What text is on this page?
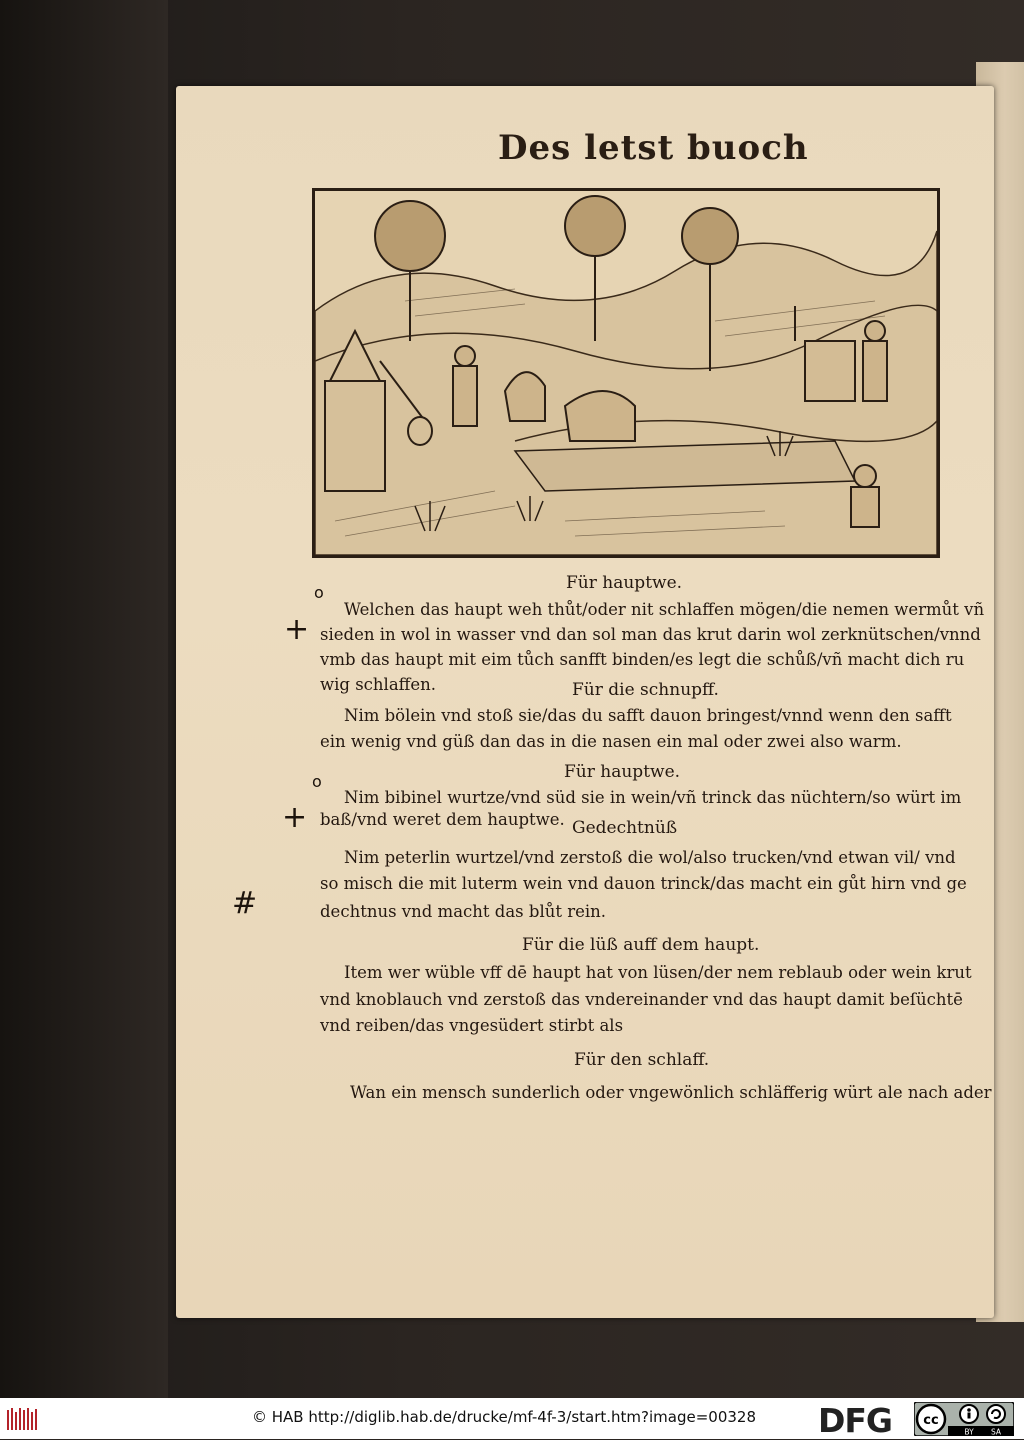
Des letst buoch
o
+
o
+
#
Für hauptwe.
Welchen das haupt weh thůt/oder nit schlaffen mögen/die nemen wermůt vñ
sieden in wol in wasser vnd dan sol man das krut darin wol zerknütschen/vnnd
vmb das haupt mit eim tůch sanfft binden/es legt die schůß/vñ macht dich ru
wig schlaffen.	Für die schnupff.
Nim bölein vnd stoß sie/das du safft dauon bringest/vnnd wenn den safft
ein wenig vnd güß dan das in die nasen ein mal oder zwei also warm.
Für hauptwe.
Nim bibinel wurtze/vnd süd sie in wein/vñ trinck das nüchtern/so würt im
baß/vnd weret dem hauptwe. Gedechtnüß
Nim peterlin wurtzel/vnd zerstoß die wol/also trucken/vnd etwan vil/ vnd
so misch die mit luterm wein vnd dauon trinck/das macht ein gůt hirn vnd ge
dechtnus vnd macht das blůt rein.
Für die lüß auff dem haupt.
Item wer wüble vff dē haupt hat von lüsen/der nem reblaub oder wein krut
vnd knoblauch vnd zerstoß das vndereinander vnd das haupt damit beſüchtē
vnd reiben/das vngesüdert stirbt als
Für den schlaff.
Wan ein mensch sunderlich oder vngewönlich schläfferig würt ale nach ader
© HAB http://diglib.hab.de/drucke/mf-4f-3/start.htm?image=00328 DFG cc
BY SA
